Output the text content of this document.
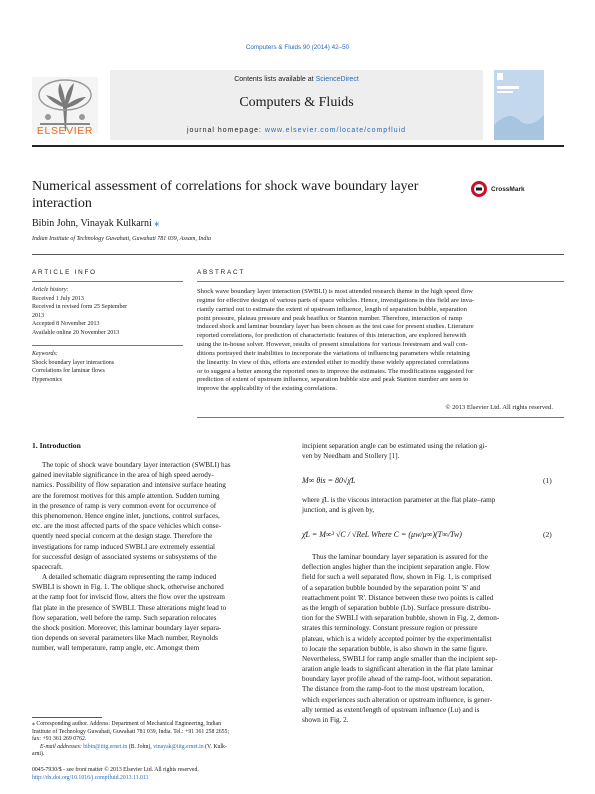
Computers & Fluids 90 (2014) 42–50
ELSEVIER
Contents lists available at ScienceDirect
Computers & Fluids
journal homepage: www.elsevier.com/locate/compfluid
Numerical assessment of correlations for shock wave boundary layer
interaction
CrossMark
Bibin John, Vinayak Kulkarni ⁎
Indian Institute of Technology Guwahati, Guwahati 781 039, Assam, India
ARTICLE INFO	ABSTRACT
Article history:
Received 1 July 2013
Received in revised form 25 September
2013
Accepted 8 November 2013
Available online 20 November 2013
Keywords:
Shock boundary layer interactions
Correlations for laminar flows
Hypersonics
Shock wave boundary layer interaction (SWBLI) is most attended research theme in the high speed flow
regime for effective design of various parts of space vehicles. Hence, investigations in this field are inva-
riantly carried out to estimate the extent of upstream influence, length of separation bubble, separation
point pressure, plateau pressure and peak heatflux or Stanton number. Therefore, interaction of ramp
induced shock and laminar boundary layer has been chosen as the test case for present studies. Literature
reported correlations, for prediction of characteristic features of this interaction, are explored herewith
using the in-house solver. However, results of present simulations for various freestream and wall con-
ditions portrayed their inabilities to incorporate the variations of influencing parameters while retaining
the linearity. In view of this, efforts are extended either to modify these widely appreciated correlations
or to suggest a better among the reported ones to improve the estimates. The modifications suggested for
prediction of extent of upstream influence, separation bubble size and peak Stanton number are seen to
improve the applicability of the existing correlations.
© 2013 Elsevier Ltd. All rights reserved.
1. Introduction
The topic of shock wave boundary layer interaction (SWBLI) has
gained inevitable significance in the area of high speed aerody-
namics. Possibility of flow separation and intensive surface heating
are the foremost motives for this ample attention. Sudden turning
in the presence of ramp is very common event for occurrence of
this phenomenon. Hence engine inlet, junctions, control surfaces,
etc. are the most affected parts of the space vehicles which conse-
quently need special concern at the design stage. Therefore the
investigations for ramp induced SWBLI are extremely essential
for successful design of associated systems or subsystems of the
spacecraft.
A detailed schematic diagram representing the ramp induced
SWBLI is shown in Fig. 1. The oblique shock, otherwise anchored
at the ramp foot for inviscid flow, alters the flow over the upstream
flat plate in the presence of SWBLI. These alterations might lead to
flow separation, well before the ramp. Such separation relocates
the shock position. Moreover, this laminar boundary layer separa-
tion depends on several parameters like Mach number, Reynolds
number, wall temperature, ramp angle, etc. Amongst them
⁎ Corresponding author. Address: Department of Mechanical Engineering, Indian
Institute of Technology Guwahati, Guwahati 781 039, India. Tel.: +91 361 258 2655;
fax: +91 361 269 0762.
E-mail addresses: bibin@iitg.ernet.in (B. John), vinayak@iitg.ernet.in (V. Kulk-
arni).
0045-7930/$ - see front matter © 2013 Elsevier Ltd. All rights reserved.
http://dx.doi.org/10.1016/j.compfluid.2013.11.011
incipient separation angle can be estimated using the relation gi-
ven by Needham and Stollery [1].
M∞ θis = 80√χ̄L	(1)
where χ̄L is the viscous interaction parameter at the flat plate–ramp
junction, and is given by,
χ̄L = M∞³ √C / √ReL Where C = (μw/μ∞)(T∞/Tw)	(2)
Thus the laminar boundary layer separation is assured for the
deflection angles higher than the incipient separation angle. Flow
field for such a well separated flow, shown in Fig. 1, is comprised
of a separation bubble bounded by the separation point 'S' and
reattachment point 'R'. Distance between these two points is called
as the length of separation bubble (Lb). Surface pressure distribu-
tion for the SWBLI with separation bubble, shown in Fig. 2, demon-
strates this terminology. Constant pressure region or pressure
plateau, which is a widely accepted pointer by the experimentalist
to locate the separation bubble, is also shown in the same figure.
Nevertheless, SWBLI for ramp angle smaller than the incipient sep-
aration angle leads to significant alteration in the flat plate laminar
boundary layer profile ahead of the ramp-foot, without separation.
The distance from the ramp-foot to the most upstream location,
which experiences such alteration or upstream influence, is gener-
ally termed as extent/length of upstream influence (Lu) and is
shown in Fig. 2.
